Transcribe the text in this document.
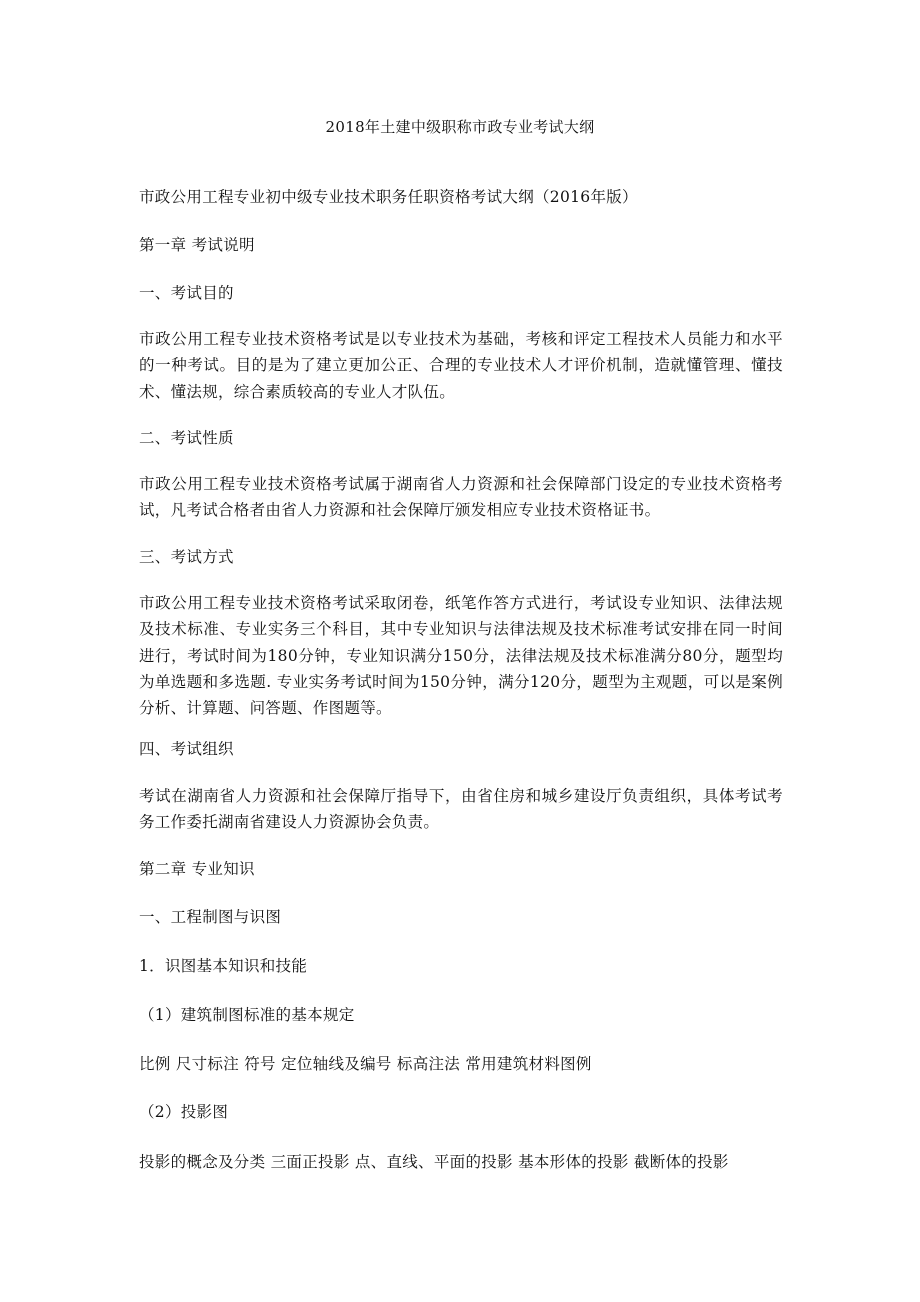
2018年土建中级职称市政专业考试大纲
市政公用工程专业初中级专业技术职务任职资格考试大纲（2016年版）
第一章 考试说明
一、考试目的
市政公用工程专业技术资格考试是以专业技术为基础，考核和评定工程技术人员能力和水平的一种考试。目的是为了建立更加公正、合理的专业技术人才评价机制，造就懂管理、懂技术、懂法规，综合素质较高的专业人才队伍。
二、考试性质
市政公用工程专业技术资格考试属于湖南省人力资源和社会保障部门设定的专业技术资格考试，凡考试合格者由省人力资源和社会保障厅颁发相应专业技术资格证书。
三、考试方式
市政公用工程专业技术资格考试采取闭卷，纸笔作答方式进行，考试设专业知识、法律法规及技术标准、专业实务三个科目，其中专业知识与法律法规及技术标准考试安排在同一时间进行，考试时间为180分钟，专业知识满分150分，法律法规及技术标准满分80分，题型均为单选题和多选题. 专业实务考试时间为150分钟，满分120分，题型为主观题，可以是案例分析、计算题、问答题、作图题等。
四、考试组织
考试在湖南省人力资源和社会保障厅指导下，由省住房和城乡建设厅负责组织，具体考试考务工作委托湖南省建设人力资源协会负责。
第二章 专业知识
一、工程制图与识图
1．识图基本知识和技能
（1）建筑制图标准的基本规定
比例 尺寸标注 符号 定位轴线及编号 标高注法 常用建筑材料图例
（2）投影图
投影的概念及分类 三面正投影 点、直线、平面的投影 基本形体的投影 截断体的投影
